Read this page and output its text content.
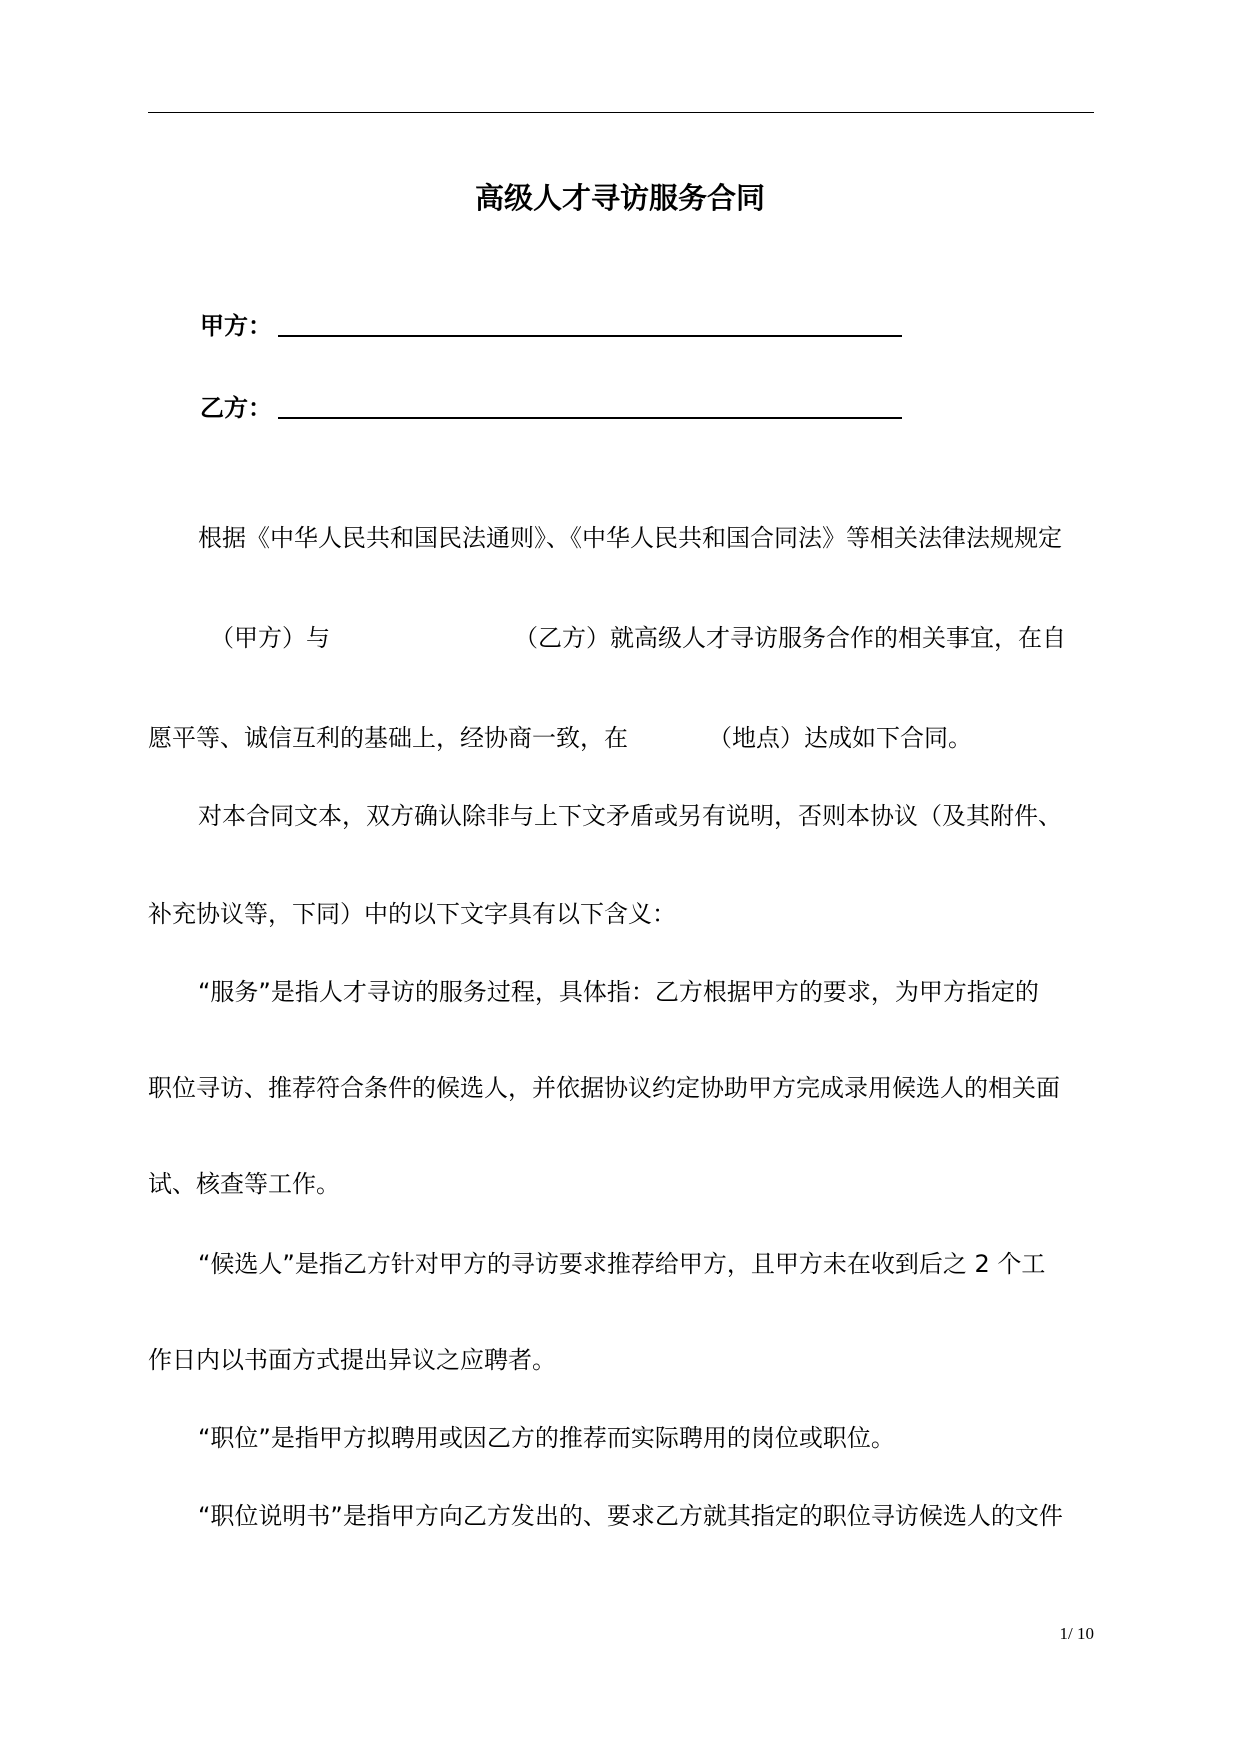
高级人才寻访服务合同
甲方：
乙方：
根据《中华人民共和国民法通则》、《中华人民共和国合同法》等相关法律法规规定
（甲方）与	（乙方）就高级人才寻访服务合作的相关事宜，在自
愿平等、诚信互利的基础上，经协商一致，在	（地点）达成如下合同。
对本合同文本，双方确认除非与上下文矛盾或另有说明，否则本协议（及其附件、
补充协议等，下同）中的以下文字具有以下含义：
“服务”是指人才寻访的服务过程，具体指：乙方根据甲方的要求，为甲方指定的
职位寻访、推荐符合条件的候选人，并依据协议约定协助甲方完成录用候选人的相关面
试、核查等工作。
“候选人”是指乙方针对甲方的寻访要求推荐给甲方，且甲方未在收到后之 2 个工
作日内以书面方式提出异议之应聘者。
“职位”是指甲方拟聘用或因乙方的推荐而实际聘用的岗位或职位。
“职位说明书”是指甲方向乙方发出的、要求乙方就其指定的职位寻访候选人的文件
1/ 10
